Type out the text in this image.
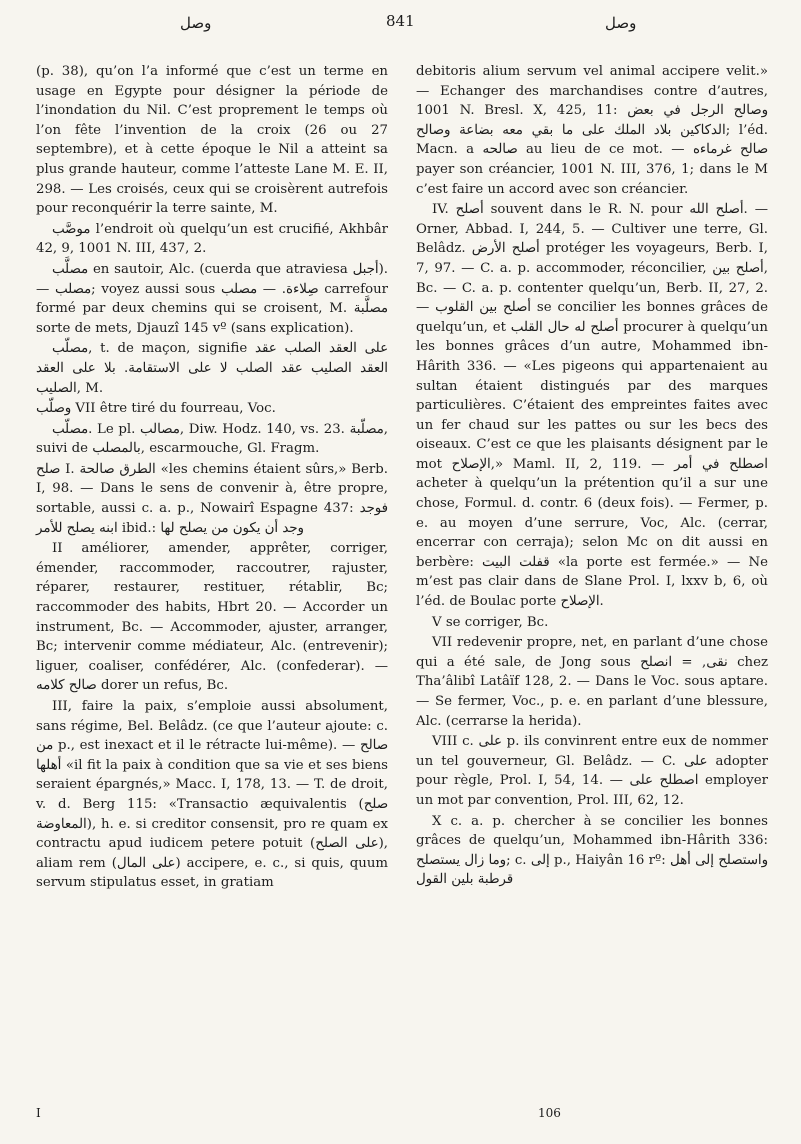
وصل	841	وصل

(p. 38), qu’on l’a informé que c’est un terme en usage en Egypte pour désigner la période de l’inondation du Nil. C’est proprement le temps où l’on fête l’invention de la croix (26 ou 27 septembre), et à cette époque le Nil a atteint sa plus grande hauteur, comme l’atteste Lane M. E. II, 298. — Les croisés, ceux qui se croisèrent autrefois pour reconquérir la terre sainte, M.

موصَّب l’endroit où quelqu’un est crucifié, Akhbâr 42, 9, 1001 N. III, 437, 2.

مصلَّب en sautoir, Alc. (cuerda que atraviesa أجبل). — مصلب; voyez aussi sous صِلاءة. — مصلب carrefour formé par deux chemins qui se croisent, M. مصلَّبة sorte de mets, Djauzî 145 vº (sans explication).

مصلّب, t. de maçon, signifie على العقد الصلب عقد العقد الصليب عقد الصلب لا على الاستقامة. بلا على العقد الصليب, M.

وصلّب VII être tiré du fourreau, Voc.

مصلّب. Le pl. مصالب, Diw. Hodz. 140, vs. 23. مصلّبة, suivi de بالمصلب, escarmouche, Gl. Fragm.

صلح I. الطرق صالحة «les chemins étaient sûrs,» Berb. I, 98. — Dans le sens de convenir à, être propre, sortable, aussi c. a. p., Nowairî Espagne 437: فوجد ابنه يصلح للأمر ibid.: وجد أن يكون من يصلح لها

II améliorer, amender, apprêter, corriger, émender, raccommoder, raccoutrer, rajuster, réparer, restaurer, restituer, rétablir, Bc; raccommoder des habits, Hbrt 20. — Accorder un instrument, Bc. — Accommoder, ajuster, arranger, Bc; intervenir comme médiateur, Alc. (entrevenir); liguer, coaliser, confédérer, Alc. (confederar). — صالح كلامه dorer un refus, Bc.

III, faire la paix, s’emploie aussi absolument, sans régime, Bel. Belâdz. (ce que l’auteur ajoute: c. من p., est inexact et il le rétracte lui-même). — صالح أهلها «il fit la paix à condition que sa vie et ses biens seraient épargnés,» Macc. I, 178, 13. — T. de droit, v. d. Berg 115: «Transactio æquivalentis (صلح المعاوضة), h. e. si creditor consensit, pro re quam ex contractu apud iudicem petere potuit (على الصلح), aliam rem (على المال) accipere, e. c., si quis, quum servum stipulatus esset, in gratiam

debitoris alium servum vel animal accipere velit.» — Echanger des marchandises contre d’autres, 1001 N. Bresl. X, 425, 11: وصالح الرجل في بعض الدكاكين بلاد الملك على ما بقي معه بضاعة وصالح; l’éd. Macn. a صالحه au lieu de ce mot. — صالح غرماءه payer son créancier, 1001 N. III, 376, 1; dans le M c’est faire un accord avec son créancier.

IV. أصلح souvent dans le R. N. pour أصلح الله. — Orner, Abbad. I, 244, 5. — Cultiver une terre, Gl. Belâdz. أصلح الأرض protéger les voyageurs, Berb. I, 7, 97. — C. a. p. accommoder, réconcilier, أصلح بين, Bc. — C. a. p. contenter quelqu’un, Berb. II, 27, 2. — أصلح بين القلوب se concilier les bonnes grâces de quelqu’un, et أصلح له حال القلب procurer à quelqu’un les bonnes grâces d’un autre, Mohammed ibn-Hârith 336. — «Les pigeons qui appartenaient au sultan étaient distingués par des marques particulières. C’étaient des empreintes faites avec un fer chaud sur les pattes ou sur les becs des oiseaux. C’est ce que les plaisants désignent par le mot الإصلاح,» Maml. II, 2, 119. — اصطلح في أمر acheter à quelqu’un la prétention qu’il a sur une chose, Formul. d. contr. 6 (deux fois). — Fermer, p. e. au moyen d’une serrure, Voc, Alc. (cerrar, encerrar con cerraja); selon Mc on dit aussi en berbère: قفلت البيت «la porte est fermée.» — Ne m’est pas clair dans de Slane Prol. I, lxxv b, 6, où l’éd. de Boulac porte الإصلاح.

V se corriger, Bc.

VII redevenir propre, net, en parlant d’une chose qui a été sale, de Jong sous نقى, = انصلح chez Tha’âlibî Latâïf 128, 2. — Dans le Voc. sous aptare. — Se fermer, Voc., p. e. en parlant d’une blessure, Alc. (cerrarse la herida).

VIII c. على p. ils convinrent entre eux de nommer un tel gouverneur, Gl. Belâdz. — C. على adopter pour règle, Prol. I, 54, 14. — اصطلح على employer un mot par convention, Prol. III, 62, 12.

X c. a. p. chercher à se concilier les bonnes grâces de quelqu’un, Mohammed ibn-Hârith 336: وما زال يستصلح; c. إلى p., Haiyân 16 rº: واستصلح إلى أهل قرطبة بلين القول

I	106
